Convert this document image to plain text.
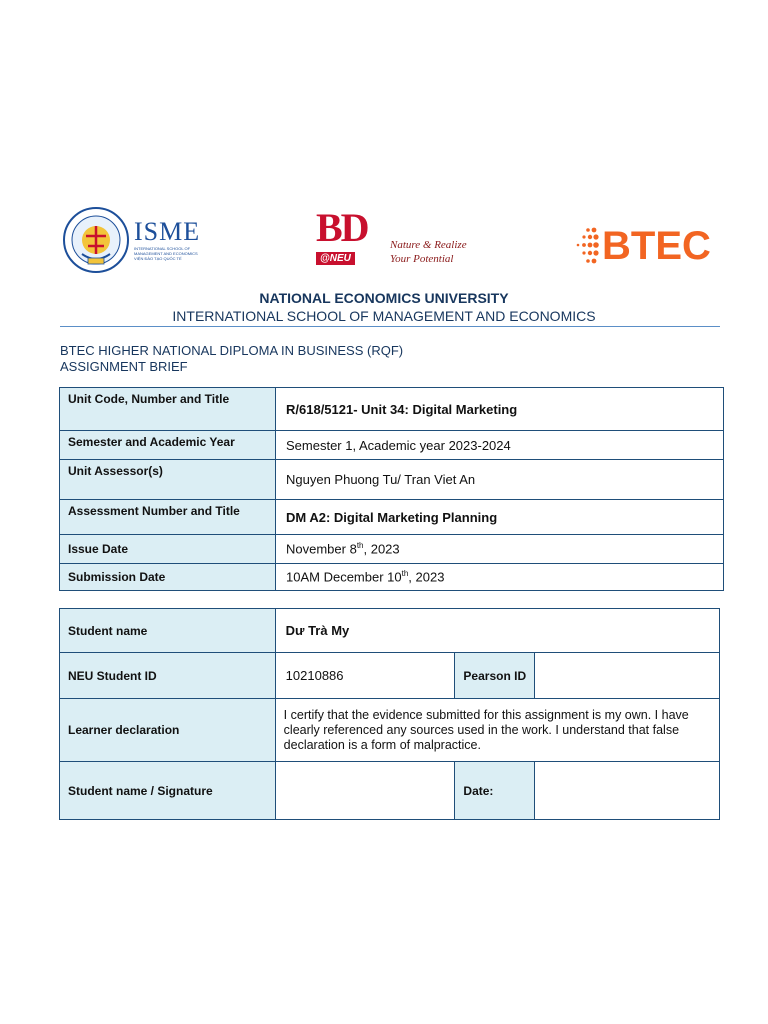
ISME
INTERNATIONAL SCHOOL OF MANAGEMENT AND ECONOMICS
VIỆN ĐÀO TẠO QUỐC TẾ
BD
@NEU
Nature & Realize
Your Potential	BTEC
NATIONAL ECONOMICS UNIVERSITY
INTERNATIONAL SCHOOL OF MANAGEMENT AND ECONOMICS
BTEC HIGHER NATIONAL DIPLOMA IN BUSINESS (RQF)
ASSIGNMENT BRIEF
Unit Code, Number and Title	R/618/5121- Unit 34: Digital Marketing
Semester and Academic Year	Semester 1, Academic year 2023-2024
Unit Assessor(s)	Nguyen Phuong Tu/ Tran Viet An
Assessment Number and Title	DM A2: Digital Marketing Planning
Issue Date	November 8th, 2023
Submission Date	10AM December 10th, 2023
Student name	Dư Trà My		
NEU Student ID	10210886	Pearson ID	
Learner declaration	I certify that the evidence submitted for this assignment is my own. I have clearly referenced any sources used in the work. I understand that false declaration is a form of malpractice.		
Student name / Signature		Date:	
